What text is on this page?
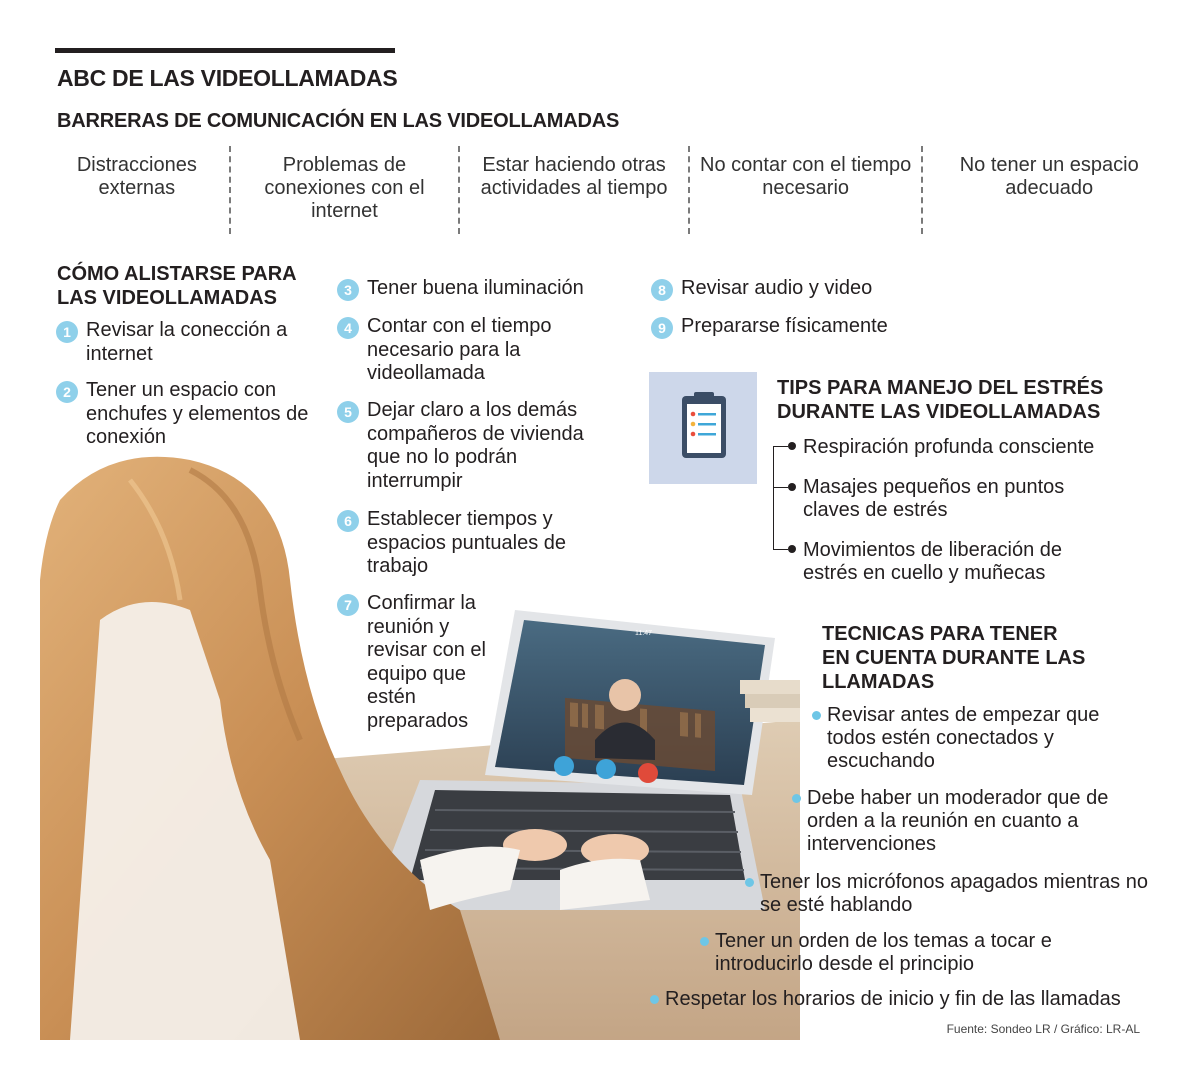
ABC DE LAS VIDEOLLAMADAS
BARRERAS DE COMUNICACIÓN EN LAS VIDEOLLAMADAS
Distracciones externas
Problemas de conexiones con el internet
Estar haciendo otras actividades al tiempo
No contar con el tiempo necesario
No tener un espacio adecuado
11:47
CÓMO ALISTARSE PARA
LAS VIDEOLLAMADAS
1 Revisar la conección a internet
2 Tener un espacio con enchufes y elementos de conexión
3 Tener buena iluminación
4 Contar con el tiempo necesario para la videollamada
5 Dejar claro a los demás compañeros de vivienda que no lo podrán interrumpir
6 Establecer tiempos y espacios puntuales de trabajo
7 Confirmar la reunión y revisar con el equipo que estén preparados
8 Revisar audio y video
9 Prepararse físicamente
TIPS PARA MANEJO DEL ESTRÉS
DURANTE LAS VIDEOLLAMADAS
Respiración profunda consciente
Masajes pequeños en puntos claves de estrés
Movimientos de liberación de estrés en cuello y muñecas
TECNICAS PARA TENER
EN CUENTA DURANTE LAS
LLAMADAS
Revisar antes de empezar que todos estén conectados y escuchando
Debe haber un moderador que de orden a la reunión en cuanto a intervenciones
Tener los micrófonos apagados mientras no se esté hablando
Tener un orden de los temas a tocar e introducirlo desde el principio
Respetar los horarios de inicio y fin de las llamadas
Fuente: Sondeo LR / Gráfico: LR-AL
